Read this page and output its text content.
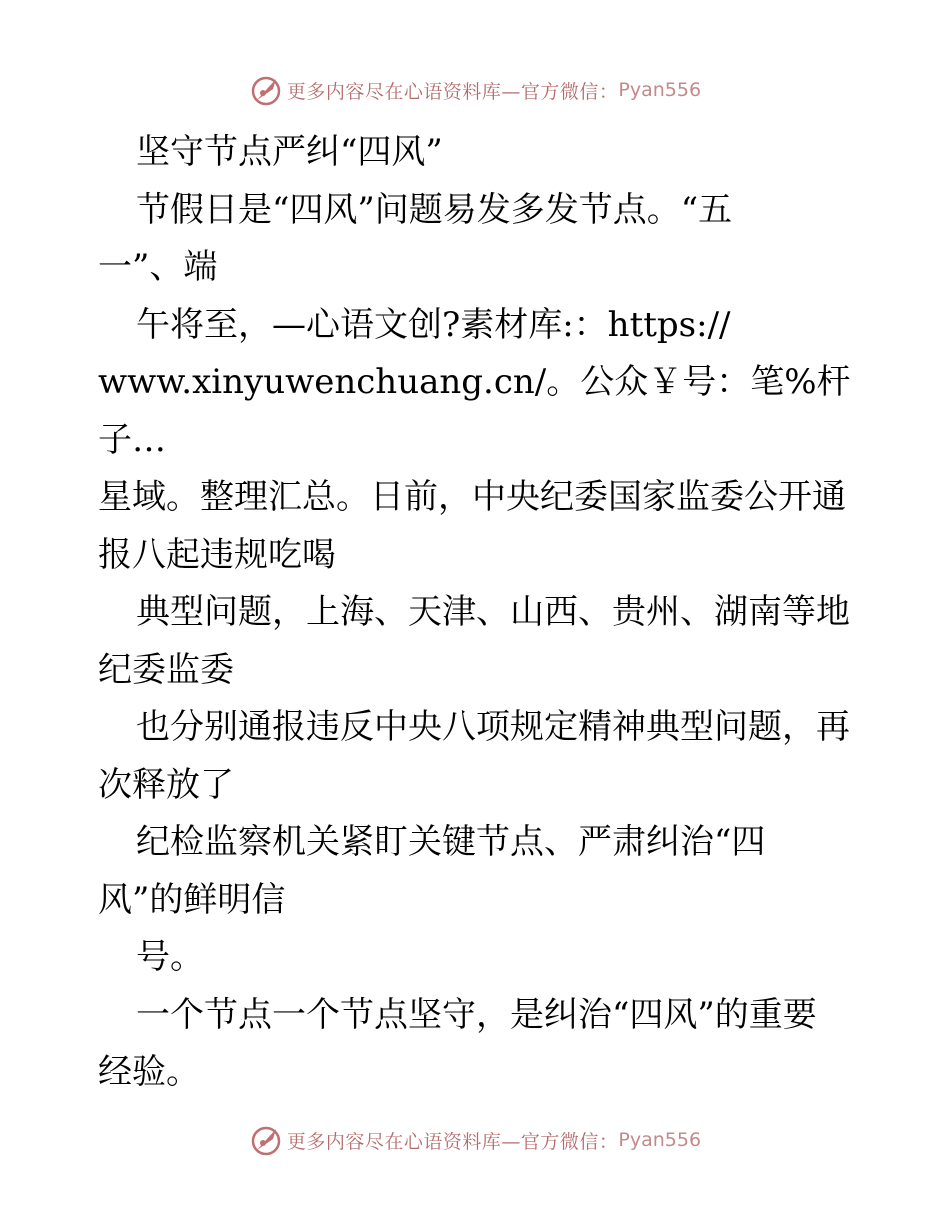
更多内容尽在心语资料库—官方微信： Pyan556

坚守节点严纠“四风”

节假日是“四风”问题易发多发节点。“五

一”、端

午将至，—心语文创?素材库:：https://

www.xinyuwenchuang.cn/。公众￥号：笔%杆子…

星域。整理汇总。日前，中央纪委国家监委公开通

报八起违规吃喝

典型问题，上海、天津、山西、贵州、湖南等地

纪委监委

也分别通报违反中央八项规定精神典型问题，再

次释放了

纪检监察机关紧盯关键节点、严肃纠治“四

风”的鲜明信

号。

一个节点一个节点坚守，是纠治“四风”的重要

经验。

更多内容尽在心语资料库—官方微信： Pyan556
